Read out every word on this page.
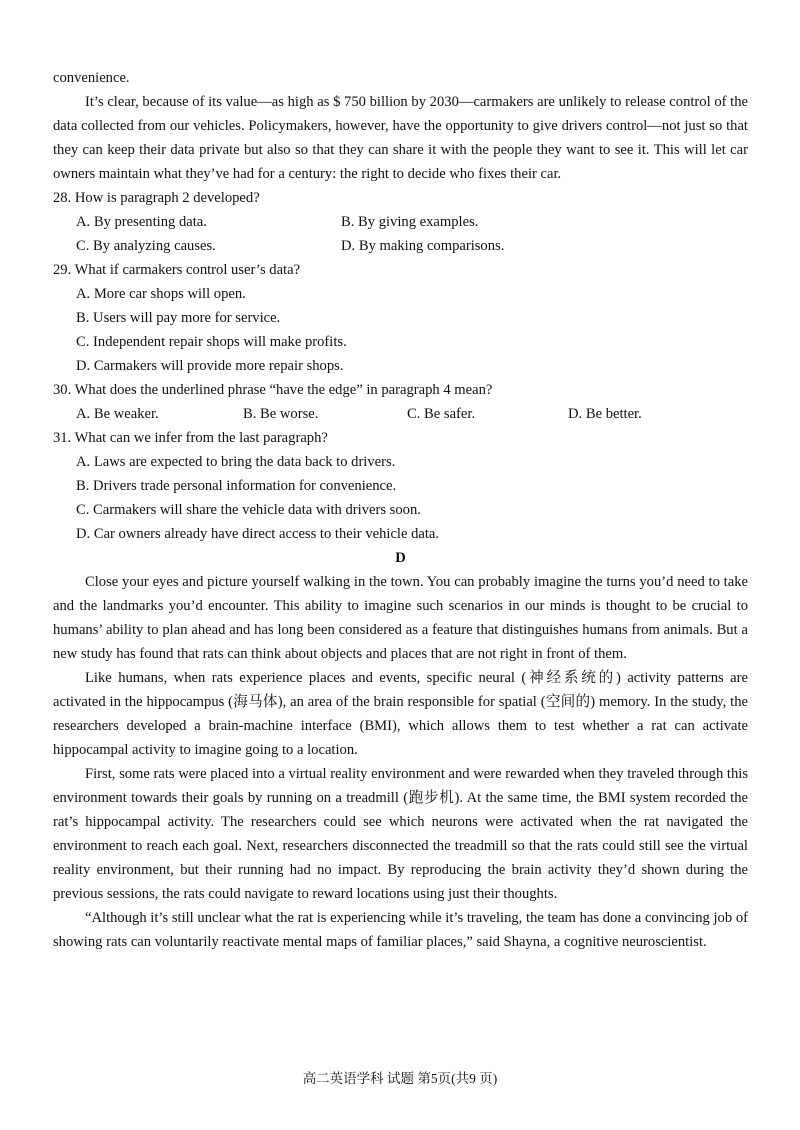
convenience.

It’s clear, because of its value—as high as $ 750 billion by 2030—carmakers are unlikely to release control of the data collected from our vehicles. Policymakers, however, have the opportunity to give drivers control—not just so that they can keep their data private but also so that they can share it with the people they want to see it. This will let car owners maintain what they’ve had for a century: the right to decide who fixes their car.

28. How is paragraph 2 developed?

A. By presenting data.	B. By giving examples.
C. By analyzing causes.	D. By making comparisons.

29. What if carmakers control user’s data?

A. More car shops will open.

B. Users will pay more for service.

C. Independent repair shops will make profits.

D. Carmakers will provide more repair shops.

30. What does the underlined phrase “have the edge” in paragraph 4 mean?

A. Be weaker.	B. Be worse.	C. Be safer.	D. Be better.

31. What can we infer from the last paragraph?

A. Laws are expected to bring the data back to drivers.

B. Drivers trade personal information for convenience.

C. Carmakers will share the vehicle data with drivers soon.

D. Car owners already have direct access to their vehicle data.

D

Close your eyes and picture yourself walking in the town. You can probably imagine the turns you’d need to take and the landmarks you’d encounter. This ability to imagine such scenarios in our minds is thought to be crucial to humans’ ability to plan ahead and has long been considered as a feature that distinguishes humans from animals. But a new study has found that rats can think about objects and places that are not right in front of them.

Like humans, when rats experience places and events, specific neural (神经系统的) activity patterns are activated in the hippocampus (海马体), an area of the brain responsible for spatial (空间的) memory. In the study, the researchers developed a brain-machine interface (BMI), which allows them to test whether a rat can activate hippocampal activity to imagine going to a location.

First, some rats were placed into a virtual reality environment and were rewarded when they traveled through this environment towards their goals by running on a treadmill (跑步机). At the same time, the BMI system recorded the rat’s hippocampal activity. The researchers could see which neurons were activated when the rat navigated the environment to reach each goal. Next, researchers disconnected the treadmill so that the rats could still see the virtual reality environment, but their running had no impact. By reproducing the brain activity they’d shown during the previous sessions, the rats could navigate to reward locations using just their thoughts.

“Although it’s still unclear what the rat is experiencing while it’s traveling, the team has done a convincing job of showing rats can voluntarily reactivate mental maps of familiar places,” said Shayna, a cognitive neuroscientist.

高二英语学科 试题 第5页(共9 页)
